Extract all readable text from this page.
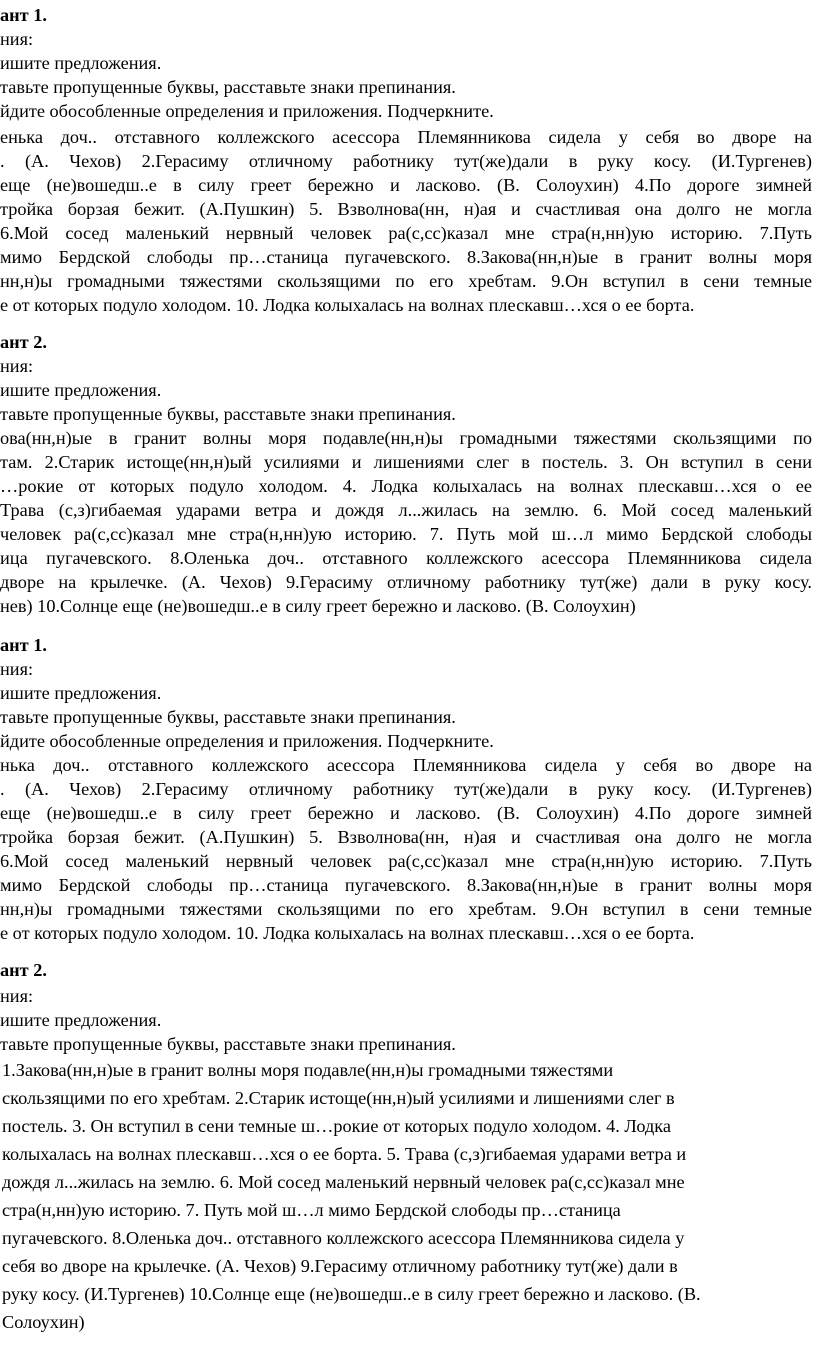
ант 1.
ния:
ишите предложения.
тавьте пропущенные буквы, расставьте знаки препинания.
йдите обособленные определения и приложения. Подчеркните.
енька доч.. отставного коллежского асессора Племянникова сидела у себя во дворе на
. (А. Чехов) 2.Герасиму отличному работнику тут(же)дали в руку косу. (И.Тургенев)
еще (не)вошедш..е в силу греет бережно и ласково. (В. Солоухин) 4.По дороге зимней
тройка борзая бежит. (А.Пушкин) 5. Взволнова(нн, н)ая и счастливая она долго не могла
6.Мой сосед маленький нервный человек ра(с,сс)казал мне стра(н,нн)ую историю. 7.Путь
мимо Бердской слободы пр…станица пугачевского. 8.Закова(нн,н)ые в гранит волны моря
нн,н)ы громадными тяжестями скользящими по его хребтам. 9.Он вступил в сени темные
е от которых подуло холодом. 10. Лодка колыхалась на волнах плескавш…хся о ее борта.
ант 2.
ния:
ишите предложения.
тавьте пропущенные буквы, расставьте знаки препинания.
ова(нн,н)ые в гранит волны моря подавле(нн,н)ы громадными тяжестями скользящими по
там. 2.Старик истоще(нн,н)ый усилиями и лишениями слег в постель. 3. Он вступил в сени
…рокие от которых подуло холодом. 4. Лодка колыхалась на волнах плескавш…хся о ее
Трава (с,з)гибаемая ударами ветра и дождя л...жилась на землю. 6. Мой сосед маленький
человек ра(с,сс)казал мне стра(н,нн)ую историю. 7. Путь мой ш…л мимо Бердской слободы
ица пугачевского. 8.Оленька доч.. отставного коллежского асессора Племянникова сидела
дворе на крылечке. (А. Чехов) 9.Герасиму отличному работнику тут(же) дали в руку косу.
нев) 10.Солнце еще (не)вошедш..е в силу греет бережно и ласково. (В. Солоухин)
ант 1.
ния:
ишите предложения.
тавьте пропущенные буквы, расставьте знаки препинания.
йдите обособленные определения и приложения. Подчеркните.
нька доч.. отставного коллежского асессора Племянникова сидела у себя во дворе на
. (А. Чехов) 2.Герасиму отличному работнику тут(же)дали в руку косу. (И.Тургенев)
еще (не)вошедш..е в силу греет бережно и ласково. (В. Солоухин) 4.По дороге зимней
тройка борзая бежит. (А.Пушкин) 5. Взволнова(нн, н)ая и счастливая она долго не могла
6.Мой сосед маленький нервный человек ра(с,сс)казал мне стра(н,нн)ую историю. 7.Путь
мимо Бердской слободы пр…станица пугачевского. 8.Закова(нн,н)ые в гранит волны моря
нн,н)ы громадными тяжестями скользящими по его хребтам. 9.Он вступил в сени темные
е от которых подуло холодом. 10. Лодка колыхалась на волнах плескавш…хся о ее борта.
ант 2.
ния:
ишите предложения.
тавьте пропущенные буквы, расставьте знаки препинания.
1.Закова(нн,н)ые в гранит волны моря подавле(нн,н)ы громадными тяжестями
скользящими по его хребтам. 2.Старик истоще(нн,н)ый усилиями и лишениями слег в
постель. 3. Он вступил в сени темные ш…рокие от которых подуло холодом. 4. Лодка
колыхалась на волнах плескавш…хся о ее борта. 5. Трава (с,з)гибаемая ударами ветра и
дождя л...жилась на землю. 6. Мой сосед маленький нервный человек ра(с,сс)казал мне
стра(н,нн)ую историю. 7. Путь мой ш…л мимо Бердской слободы пр…станица
пугачевского. 8.Оленька доч.. отставного коллежского асессора Племянникова сидела у
себя во дворе на крылечке. (А. Чехов) 9.Герасиму отличному работнику тут(же) дали в
руку косу. (И.Тургенев) 10.Солнце еще (не)вошедш..е в силу греет бережно и ласково. (В.
Солоухин)
